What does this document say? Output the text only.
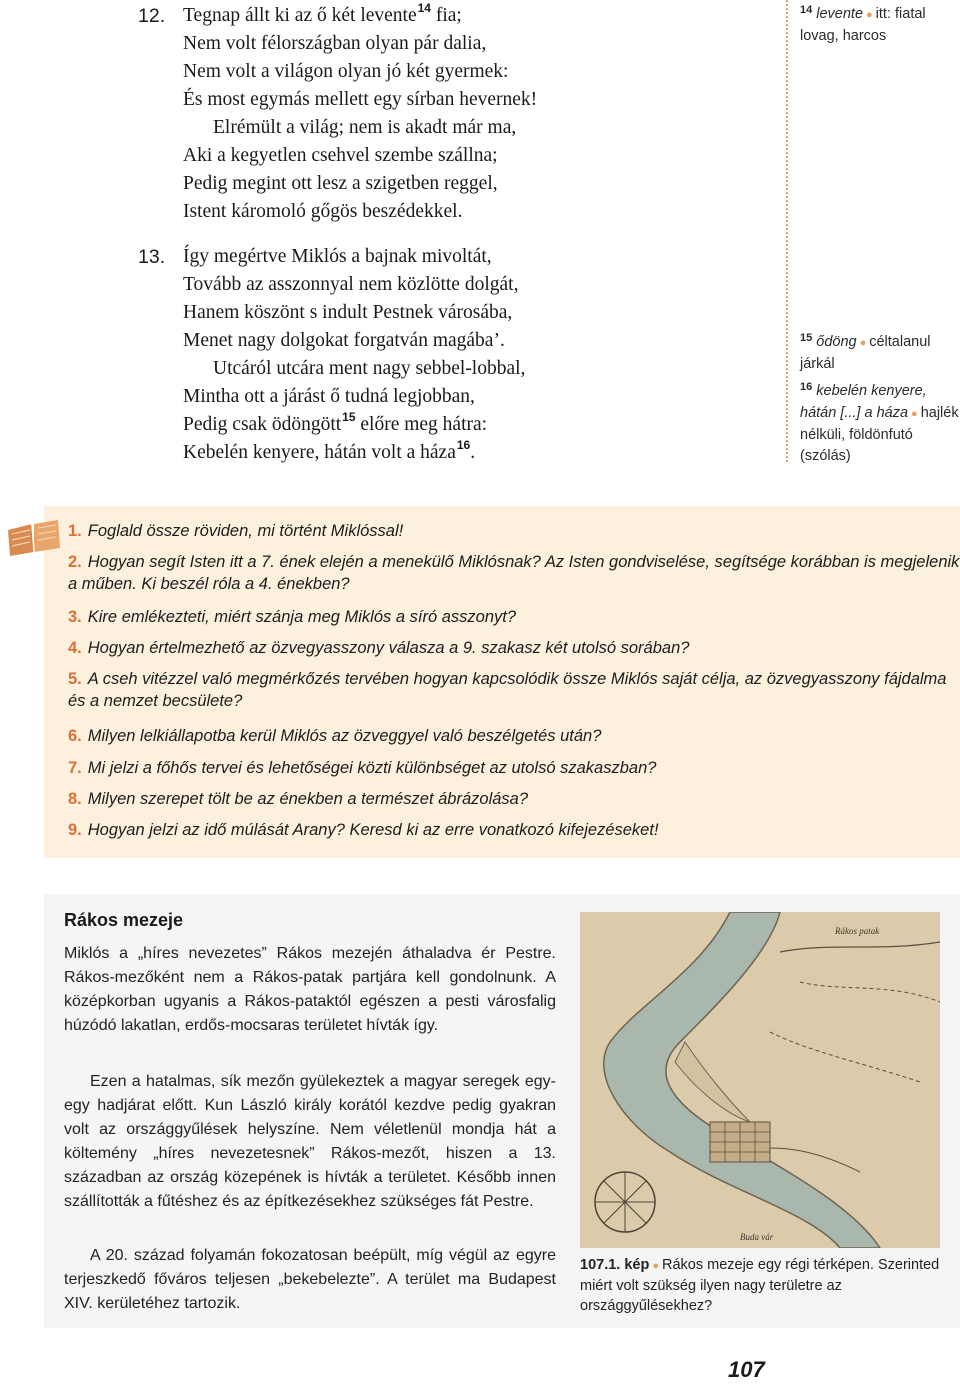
12. Tegnap állt ki az ő két levente$^{14}$ fia;
Nem volt félországban olyan pár dalia,
Nem volt a világon olyan jó két gyermek:
És most egymás mellett egy sírban hevernek!
Elrémült a világ; nem is akadt már ma,
Aki a kegyetlen csehvel szembe szállna;
Pedig megint ott lesz a szigetben reggel,
Istent káromoló gőgös beszédekkel.
13. Így megértve Miklós a bajnak mivoltát,
Tovább az asszonnyal nem közlötte dolgát,
Hanem köszönt s indult Pestnek városába,
Menet nagy dolgokat forgatván magába’.
Utcáról utcára ment nagy sebbel-lobbal,
Mintha ott a járást ő tudná legjobban,
Pedig csak ödöngött$^{15}$ előre meg hátra:
Kebelén kenyere, hátán volt a háza$^{16}$.
$^{14}$ levente ● itt: fiatal lovag, harcos
$^{15}$ ődöng ● céltalanul járkál
$^{16}$ kebelén kenyere, hátán [...] a háza ● hajlék nélküli, földönfutó (szólás)
1. Foglald össze röviden, mi történt Miklóssal!
2. Hogyan segít Isten itt a 7. ének elején a menekülő Miklósnak? Az Isten gondviselése, segítsége korábban is megjelenik a műben. Ki beszél róla a 4. énekben?
3. Kire emlékezteti, miért szánja meg Miklós a síró asszonyt?
4. Hogyan értelmezhető az özvegyasszony válasza a 9. szakasz két utolsó sorában?
5. A cseh vitézzel való megmérkőzés tervében hogyan kapcsolódik össze Miklós saját célja, az özvegyasszony fájdalma és a nemzet becsülete?
6. Milyen lelkiállapotba kerül Miklós az özveggyel való beszélgetés után?
7. Mi jelzi a főhős tervei és lehetőségei közti különbséget az utolsó szakaszban?
8. Milyen szerepet tölt be az énekben a természet ábrázolása?
9. Hogyan jelzi az idő múlását Arany? Keresd ki az erre vonatkozó kifejezéseket!
Rákos mezeje
Miklós a „híres nevezetes” Rákos mezején áthaladva ér Pestre. Rákos-mezőként nem a Rákos-patak partjára kell gondolnunk. A középkorban ugyanis a Rákos-pataktól egészen a pesti városfalig húzódó lakatlan, erdős-mocsaras területet hívták így.
Ezen a hatalmas, sík mezőn gyülekeztek a magyar seregek egy-egy hadjárat előtt. Kun László király korától kezdve pedig gyakran volt az országgyűlések helyszíne. Nem véletlenül mondja hát a költemény „híres nevezetesnek” Rákos-mezőt, hiszen a 13. században az ország közepének is hívták a területet. Később innen szállították a fűtéshez és az építkezésekhez szükséges fát Pestre.
A 20. század folyamán fokozatosan beépült, míg végül az egyre terjeszkedő főváros teljesen „bekebelezte”. A terület ma Budapest XIV. kerületéhez tartozik.
Rákos patak
Buda vár
107.1. kép ● Rákos mezeje egy régi térképen. Szerinted miért volt szükség ilyen nagy területre az országgyűlésekhez?
107
